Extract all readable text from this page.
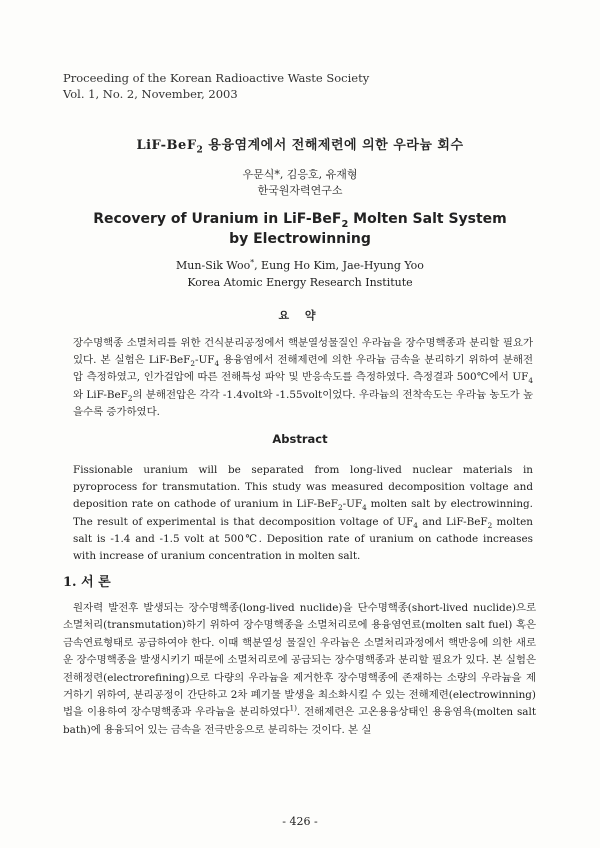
Proceeding of the Korean Radioactive Waste Society
Vol. 1, No. 2, November, 2003
LiF-BeF$_2$ 용융염계에서 전해제련에 의한 우라늄 회수
우문식*, 김응호, 유재형
한국원자력연구소
Recovery of Uranium in LiF-BeF$_2$ Molten Salt System
by Electrowinning
Mun-Sik Woo*, Eung Ho Kim, Jae-Hyung Yoo
Korea Atomic Energy Research Institute
요 약

장수명핵종 소멸처리를 위한 건식분리공정에서 핵분열성물질인 우라늄을 장수명핵종과 분리할 필요가 있다. 본 실험은 LiF-$BeF_2-UF_4$ 용융염에서 전해제련에 의한 우라늄 금속을 분리하기 위하여 분해전압 측정하였고, 인가걸압에 따른 전해특성 파악 및 반응속도를 측정하였다. 측정결과 500℃에서 $UF_4$와 LiF-BeF$_2$의 분해전압은 각각 -1.4volt와 -1.55volt이었다. 우라늄의 전착속도는 우라늄 농도가 높을수록 증가하였다.

Abstract

Fissionable uranium will be separated from long-lived nuclear materials in pyroprocess for transmutation. This study was measured decomposition voltage and deposition rate on cathode of uranium in LiF-$BeF_2-UF_4$ molten salt by electrowinning. The result of experimental is that decomposition voltage of $UF_4$ and LiF-BeF$_2$ molten salt is -1.4 and -1.5 volt at 500℃. Deposition rate of uranium on cathode increases with increase of uranium concentration in molten salt.

1. 서 론

원자력 발전후 발생되는 장수명핵종(long-lived nuclide)을 단수명핵종(short-lived nuclide)으로 소멸처리(transmutation)하기 위하여 장수명핵종을 소멸처리로에 용융염연료(molten salt fuel) 혹은 금속연료형태로 공급하여야 한다. 이때 핵분열성 물질인 우라늄은 소멸처리과정에서 핵반응에 의한 새로운 장수명핵종을 발생시키기 때문에 소멸처리로에 공급되는 장수명핵종과 분리할 필요가 있다. 본 실험은 전해정련(electrorefining)으로 다량의 우라늄을 제거한후 장수명핵종에 존재하는 소량의 우라늄을 제거하기 위하여, 분리공정이 간단하고 2차 폐기물 발생을 최소화시킬 수 있는 전해제련(electrowinning)법을 이용하여 장수명핵종과 우라늄을 분리하였다$^{1)}$. 전해제련은 고온용융상태인 용융염욕(molten salt bath)에 용융되어 있는 금속을 전극반응으로 분리하는 것이다. 본 실

- 426 -
